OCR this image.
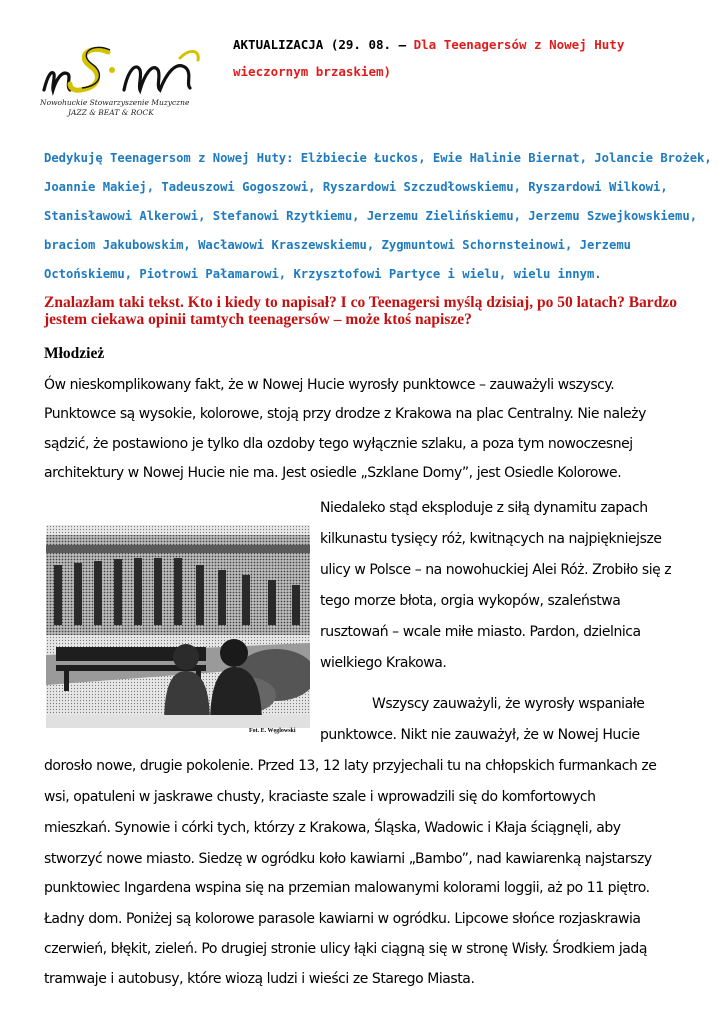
Nowohuckie Stowarzyszenie Muzyczne
JAZZ & BEAT & ROCK
AKTUALIZACJA (29. 08. – Dla Teenagersów z Nowej Huty
wieczornym brzaskiem)
Dedykuję Teenagersom z Nowej Huty: Elżbiecie Łuckos, Ewie Halinie Biernat, Jolancie Brożek,
Joannie Makiej, Tadeuszowi Gogoszowi, Ryszardowi Szczudłowskiemu, Ryszardowi Wilkowi,
Stanisławowi Alkerowi, Stefanowi Rzytkiemu, Jerzemu Zielińskiemu, Jerzemu Szwejkowskiemu,
braciom Jakubowskim, Wacławowi Kraszewskiemu, Zygmuntowi Schornsteinowi, Jerzemu
Octońskiemu, Piotrowi Pałamarowi, Krzysztofowi Partyce i wielu, wielu innym.
Znalazłam taki tekst. Kto i kiedy to napisał? I co Teenagersi myślą dzisiaj, po 50 latach? Bardzo
jestem ciekawa opinii tamtych teenagersów – może ktoś napisze?
Młodzież
Ów nieskomplikowany fakt, że w Nowej Hucie wyrosły punktowce – zauważyli wszyscy.
Punktowce są wysokie, kolorowe, stoją przy drodze z Krakowa na plac Centralny. Nie należy
sądzić, że postawiono je tylko dla ozdoby tego wyłącznie szlaku, a poza tym nowoczesnej
architektury w Nowej Hucie nie ma. Jest osiedle „Szklane Domy”, jest Osiedle Kolorowe.
Niedaleko stąd eksploduje z siłą dynamitu zapach
kilkunastu tysięcy róż, kwitnących na najpiękniejsze
ulicy w Polsce – na nowohuckiej Alei Róż. Zrobiło się z
tego morze błota, orgia wykopów, szaleństwa
rusztowań – wcale miłe miasto. Pardon, dzielnica
wielkiego Krakowa.
Wszyscy zauważyli, że wyrosły wspaniałe
punktowce. Nikt nie zauważył, że w Nowej Hucie
dorosło nowe, drugie pokolenie. Przed 13, 12 laty przyjechali tu na chłopskich furmankach ze
wsi, opatuleni w jaskrawe chusty, kraciaste szale i wprowadzili się do komfortowych
mieszkań. Synowie i córki tych, którzy z Krakowa, Śląska, Wadowic i Kłaja ściągnęli, aby
stworzyć nowe miasto. Siedzę w ogródku koło kawiarni „Bambo”, nad kawiarenką najstarszy
punktowiec Ingardena wspina się na przemian malowanymi kolorami loggii, aż po 11 piętro.
Ładny dom. Poniżej są kolorowe parasole kawiarni w ogródku. Lipcowe słońce rozjaskrawia
czerwień, błękit, zieleń. Po drugiej stronie ulicy łąki ciągną się w stronę Wisły. Środkiem jadą
tramwaje i autobusy, które wiozą ludzi i wieści ze Starego Miasta.
Fot. E. Węglowski
